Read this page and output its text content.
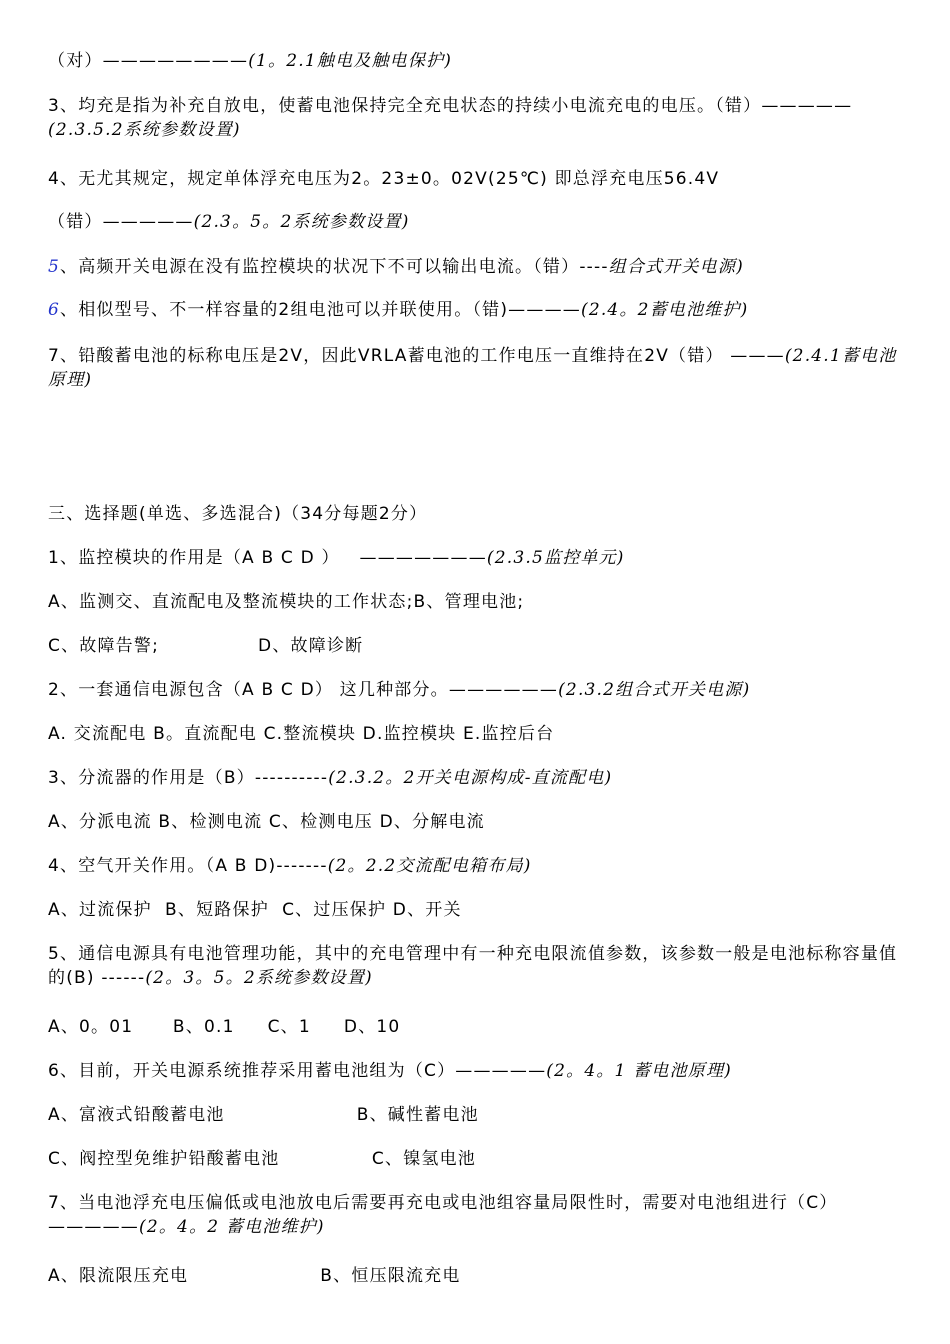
（对）————————(1。2.1触电及触电保护)
3、均充是指为补充自放电，使蓄电池保持完全充电状态的持续小电流充电的电压。（错）—————(2.3.5.2系统参数设置)
4、无尤其规定，规定单体浮充电压为2。23±0。02V(25℃) 即总浮充电压56.4V
（错）—————(2.3。5。2系统参数设置)
5、高频开关电源在没有监控模块的状况下不可以输出电流。（错）----组合式开关电源)
6、相似型号、不一样容量的2组电池可以并联使用。（错)————(2.4。2蓄电池维护)
7、铅酸蓄电池的标称电压是2V，因此VRLA蓄电池的工作电压一直维持在2V（错） ———(2.4.1蓄电池原理)
三、选择题(单选、多选混合)（34分每题2分）
1、监控模块的作用是（A B C D ）   ———————(2.3.5监控单元)
A、监测交、直流配电及整流模块的工作状态;B、管理电池;
C、故障告警;               D、故障诊断
2、一套通信电源包含（A B C D） 这几种部分。——————(2.3.2组合式开关电源)
A. 交流配电 B。直流配电 C.整流模块 D.监控模块 E.监控后台
3、分流器的作用是（B）----------(2.3.2。2开关电源构成-直流配电)
A、分派电流 B、检测电流 C、检测电压 D、分解电流
4、空气开关作用。（A B D)-------(2。2.2交流配电箱布局)
A、过流保护  B、短路保护  C、过压保护 D、开关
5、通信电源具有电池管理功能，其中的充电管理中有一种充电限流值参数，该参数一般是电池标称容量值的(B) ------(2。3。5。2系统参数设置)
A、0。01      B、0.1     C、1     D、10
6、目前，开关电源系统推荐采用蓄电池组为（C）—————(2。4。1 蓄电池原理)
A、富液式铅酸蓄电池                    B、碱性蓄电池
C、阀控型免维护铅酸蓄电池              C、镍氢电池
7、当电池浮充电压偏低或电池放电后需要再充电或电池组容量局限性时，需要对电池组进行（C）—————(2。4。2 蓄电池维护)
A、限流限压充电                    B、恒压限流充电
